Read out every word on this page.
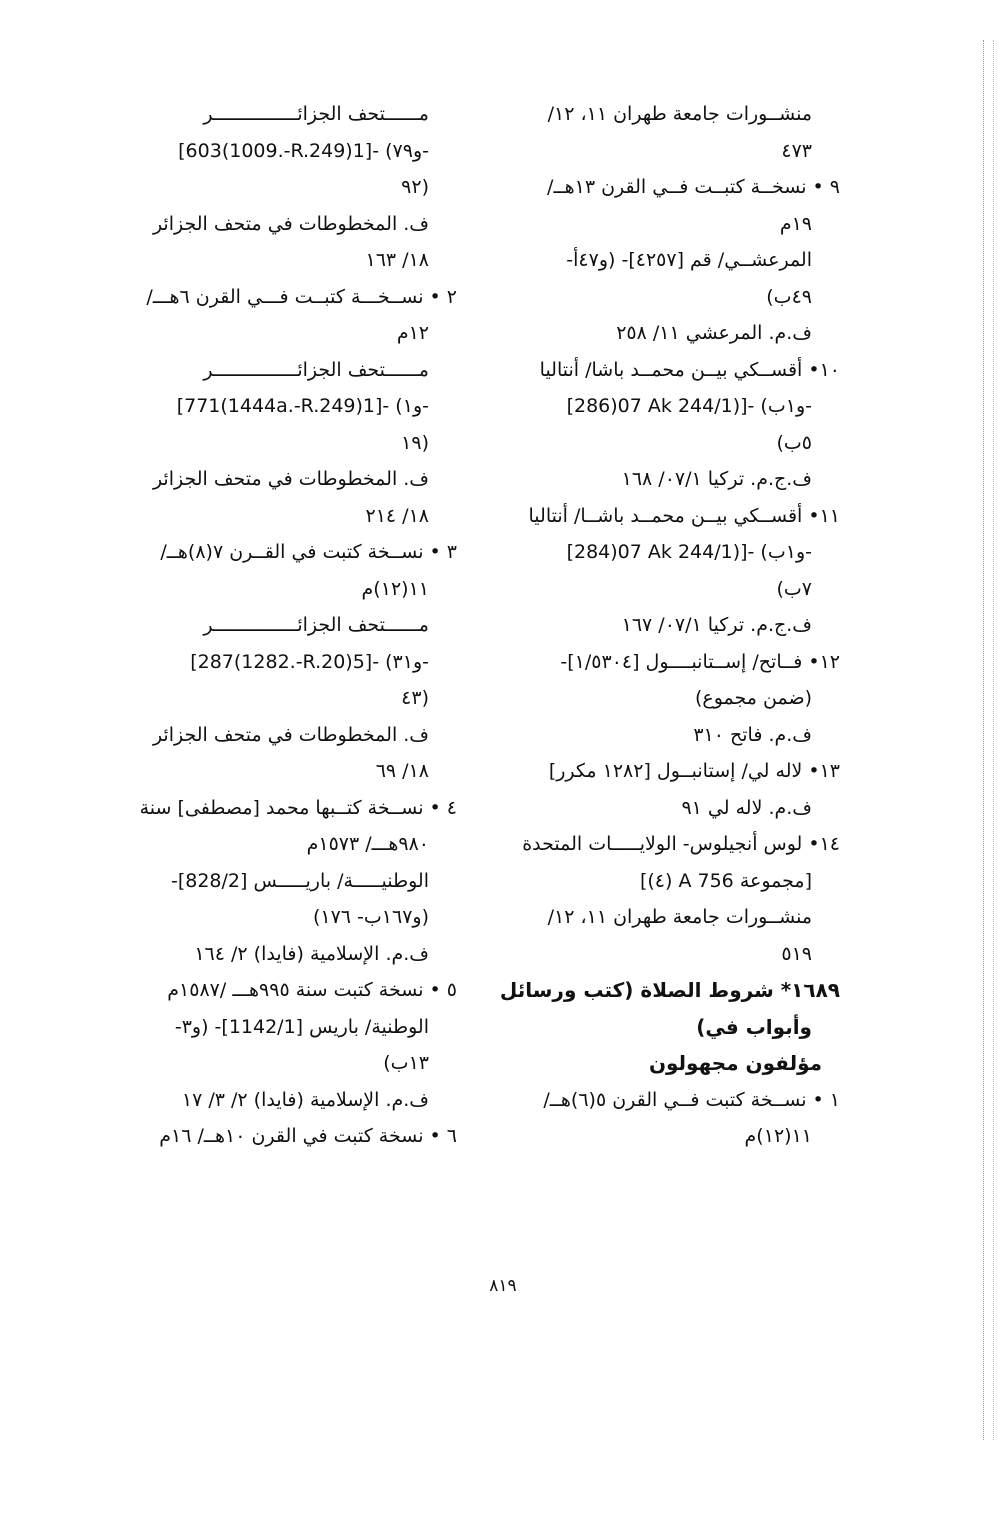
منشــورات جامعة طهران ١١، ١٢/
٤٧٣
٩ • نسخــة كتبــت فــي القرن ١٣هــ/
١٩م
المرعشــي/ قم [٤٢٥٧]- (و٤٧أ-
٤٩ب)
ف.م. المرعشي ١١/ ٢٥٨
١٠• أقســكي بيــن محمــد باشا/ أنتاليا
[286)07 Ak 244/1)]- (و١ب-
٥ب)
ف.ج.م. تركيا ٠٧/١/ ١٦٨
١١• أقســكي بيــن محمــد باشــا/ أنتاليا
[284)07 Ak 244/1)]- (و١ب-
٧ب)
ف.ج.م. تركيا ٠٧/١/ ١٦٧
١٢• فــاتح/ إســتانبــــول [١/٥٣٠٤]-
(ضمن مجموع)
ف.م. فاتح ٣١٠
١٣• لاله لي/ إستانبــول [١٢٨٢ مكرر]
ف.م. لاله لي ٩١
١٤• لوس أنجيلوس- الولايـــــات المتحدة
[مجموعة A 756 (٤)]
منشــورات جامعة طهران ١١، ١٢/
٥١٩
١٦٨٩* شروط الصلاة (كتب ورسائل
وأبواب في)
مؤلفون مجهولون
١ • نســخة كتبت فــي القرن ٥(٦)هــ/
١١(١٢)م
مــــــتحف الجزائـــــــــــــــر
[603(1009.-R.249)1]- (و٧٩-
٩٢)
ف. المخطوطات في متحف الجزائر
١٨/ ١٦٣
٢ • نســخـــة كتبــت فـــي القرن ٦هـــ/
١٢م
مــــــتحف الجزائـــــــــــــــر
[771(1444a.-R.249)1]- (و١-
١٩)
ف. المخطوطات في متحف الجزائر
١٨/ ٢١٤
٣ • نســخة كتبت في القــرن ٧(٨)هــ/
١١(١٢)م
مــــــتحف الجزائـــــــــــــــر
[287(1282.-R.20)5]- (و٣١-
٤٣)
ف. المخطوطات في متحف الجزائر
١٨/ ٦٩
٤ • نســخة كتــبها محمد [مصطفى] سنة
٩٨٠هـــ/ ١٥٧٣م
الوطنيـــــة/ باريـــــس [828/2]-
(و١٦٧ب- ١٧٦)
ف.م. الإسلامية (فايدا) ٢/ ١٦٤
٥ • نسخة كتبت سنة ٩٩٥هـــ /١٥٨٧م
الوطنية/ باريس [1142/1]- (و٣-
١٣ب)
ف.م. الإسلامية (فايدا) ٢/ ٣/ ١٧
٦ • نسخة كتبت في القرن ١٠هــ/ ١٦م
٨١٩
